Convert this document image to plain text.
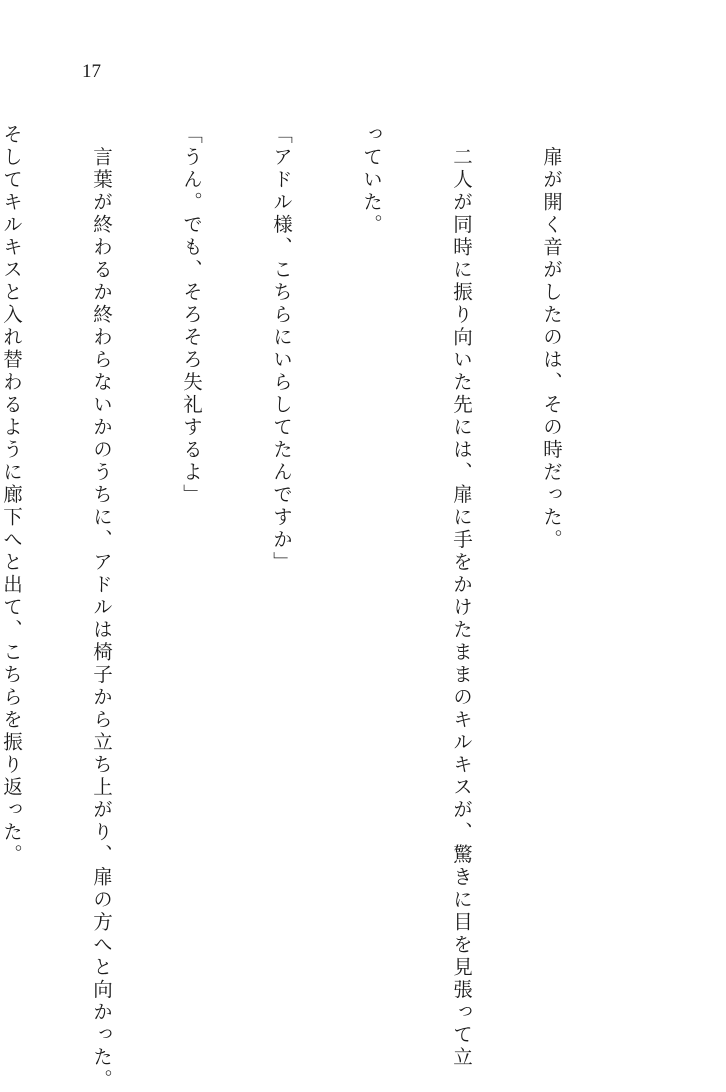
17

　扉が開く音がしたのは、その時だった。

　二人が同時に振り向いた先には、扉に手をかけたままのキルキスが、驚きに目を見張って立

っていた。

「アドル様、こちらにいらしてたんですか」

「うん。でも、そろそろ失礼するよ」

　言葉が終わるか終わらないかのうちに、アドルは椅子から立ち上がり、扉の方へと向かった。

そしてキルキスと入れ替わるように廊下へと出て、こちらを振り返った。
